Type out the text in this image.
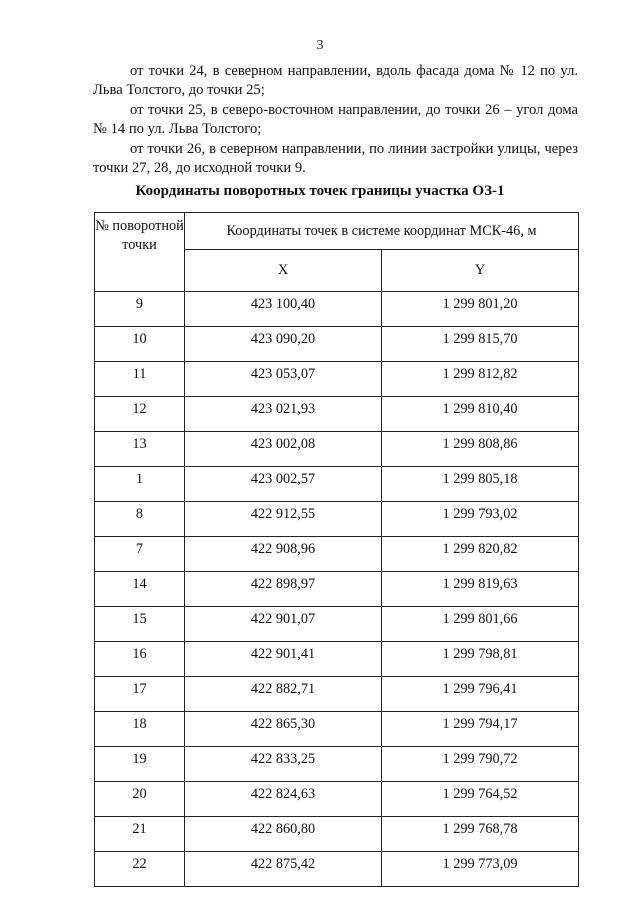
3

от точки 24, в северном направлении, вдоль фасада дома № 12 по ул. Льва Толстого, до точки 25;

от точки 25, в северо-восточном направлении, до точки 26 – угол дома № 14 по ул. Льва Толстого;

от точки 26, в северном направлении, по линии застройки улицы, через точки 27, 28, до исходной точки 9.

Координаты поворотных точек границы участка ОЗ-1
№ поворотной точки	Координаты точек в системе координат МСК-46, м	
	X	Y
9	423 100,40	1 299 801,20
10	423 090,20	1 299 815,70
11	423 053,07	1 299 812,82
12	423 021,93	1 299 810,40
13	423 002,08	1 299 808,86
1	423 002,57	1 299 805,18
8	422 912,55	1 299 793,02
7	422 908,96	1 299 820,82
14	422 898,97	1 299 819,63
15	422 901,07	1 299 801,66
16	422 901,41	1 299 798,81
17	422 882,71	1 299 796,41
18	422 865,30	1 299 794,17
19	422 833,25	1 299 790,72
20	422 824,63	1 299 764,52
21	422 860,80	1 299 768,78
22	422 875,42	1 299 773,09
